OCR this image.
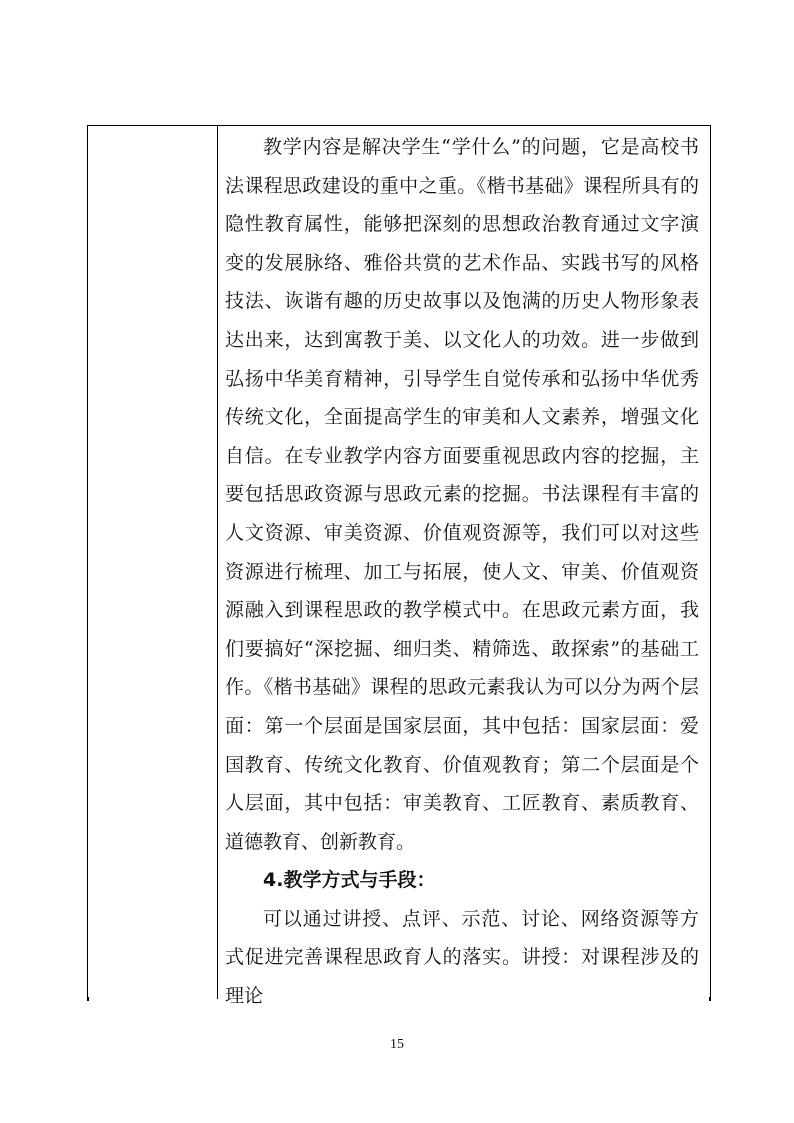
教学内容是解决学生“学什么”的问题，它是高校书法课程思政建设的重中之重。《楷书基础》课程所具有的隐性教育属性，能够把深刻的思想政治教育通过文字演变的发展脉络、雅俗共赏的艺术作品、实践书写的风格技法、诙谐有趣的历史故事以及饱满的历史人物形象表达出来，达到寓教于美、以文化人的功效。进一步做到弘扬中华美育精神，引导学生自觉传承和弘扬中华优秀传统文化，全面提高学生的审美和人文素养，增强文化自信。在专业教学内容方面要重视思政内容的挖掘，主要包括思政资源与思政元素的挖掘。书法课程有丰富的人文资源、审美资源、价值观资源等，我们可以对这些资源进行梳理、加工与拓展，使人文、审美、价值观资源融入到课程思政的教学模式中。在思政元素方面，我们要搞好“深挖掘、细归类、精筛选、敢探索”的基础工作。《楷书基础》课程的思政元素我认为可以分为两个层面：第一个层面是国家层面，其中包括：国家层面：爱国教育、传统文化教育、价值观教育；第二个层面是个人层面，其中包括：审美教育、工匠教育、素质教育、道德教育、创新教育。

4.教学方式与手段：

可以通过讲授、点评、示范、讨论、网络资源等方式促进完善课程思政育人的落实。讲授：对课程涉及的理论

15
